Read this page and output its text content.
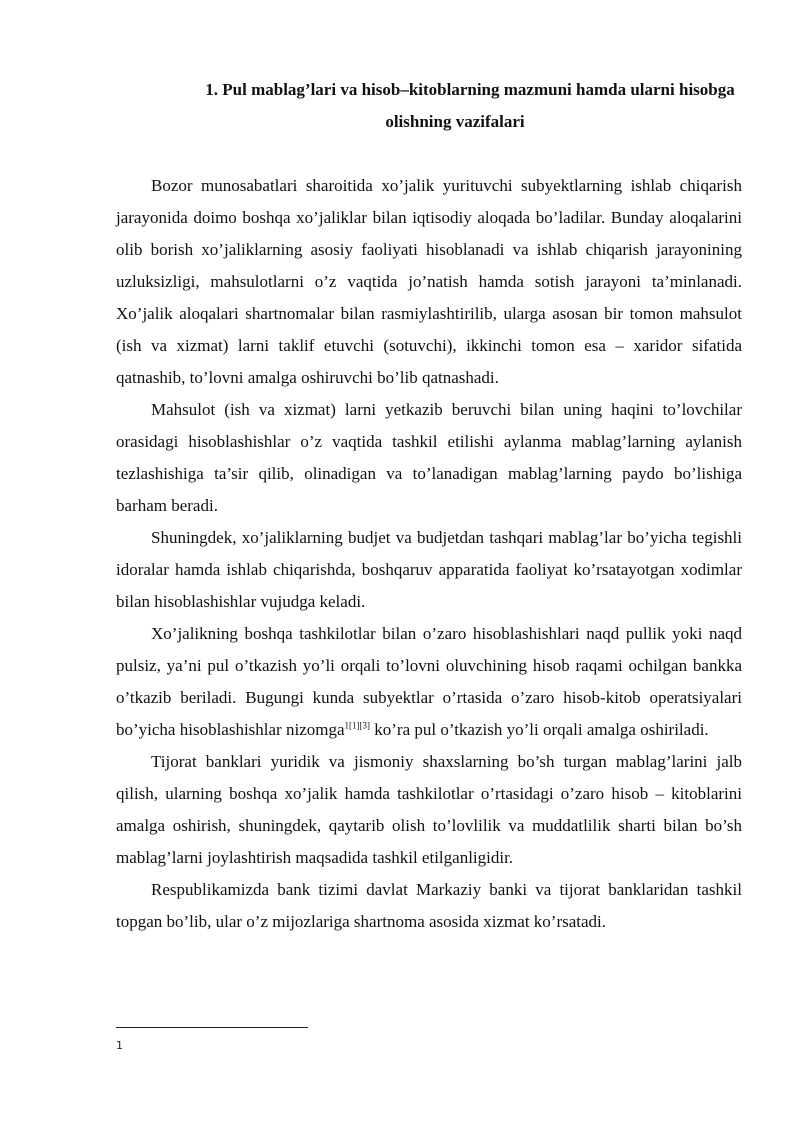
1. Pul mablag’lari va hisob–kitoblarning mazmuni hamda ularni hisobga
olishning vazifalari

Bozor munosabatlari sharoitida xo’jalik yurituvchi subyektlarning ishlab chiqarish jarayonida doimo boshqa xo’jaliklar bilan iqtisodiy aloqada bo’ladilar. Bunday aloqalarini olib borish xo’jaliklarning asosiy faoliyati hisoblanadi va ishlab chiqarish jarayonining uzluksizligi, mahsulotlarni o’z vaqtida jo’natish hamda sotish jarayoni ta’minlanadi. Xo’jalik aloqalari shartnomalar bilan rasmiylashtirilib, ularga asosan bir tomon mahsulot (ish va xizmat) larni taklif etuvchi (sotuvchi), ikkinchi tomon esa – xaridor sifatida qatnashib, to’lovni amalga oshiruvchi bo’lib qatnashadi.

Mahsulot (ish va xizmat) larni yetkazib beruvchi bilan uning haqini to’lovchilar orasidagi hisoblashishlar o’z vaqtida tashkil etilishi aylanma mablag’larning aylanish tezlashishiga ta’sir qilib, olinadigan va to’lanadigan mablag’larning paydo bo’lishiga barham beradi.

Shuningdek, xo’jaliklarning budjet va budjetdan tashqari mablag’lar bo’yicha tegishli idoralar hamda ishlab chiqarishda, boshqaruv apparatida faoliyat ko’rsatayotgan xodimlar bilan hisoblashishlar vujudga keladi.

Xo’jalikning boshqa tashkilotlar bilan o’zaro hisoblashishlari naqd pullik yoki naqd pulsiz, ya’ni pul o’tkazish yo’li orqali to’lovni oluvchining hisob raqami ochilgan bankka o’tkazib beriladi. Bugungi kunda subyektlar o’rtasida o’zaro hisob-kitob operatsiyalari bo’yicha hisoblashishlar nizomga$^{1[1][3]}$ ko’ra pul o’tkazish yo’li orqali amalga oshiriladi.

Tijorat banklari yuridik va jismoniy shaxslarning bo’sh turgan mablag’larini jalb qilish, ularning boshqa xo’jalik hamda tashkilotlar o’rtasidagi o’zaro hisob – kitoblarini amalga oshirish, shuningdek, qaytarib olish to’lovlilik va muddatlilik sharti bilan bo’sh mablag’larni joylashtirish maqsadida tashkil etilganligidir.

Respublikamizda bank tizimi davlat Markaziy banki va tijorat banklaridan tashkil topgan bo’lib, ular o’z mijozlariga shartnoma asosida xizmat ko’rsatadi.

1
